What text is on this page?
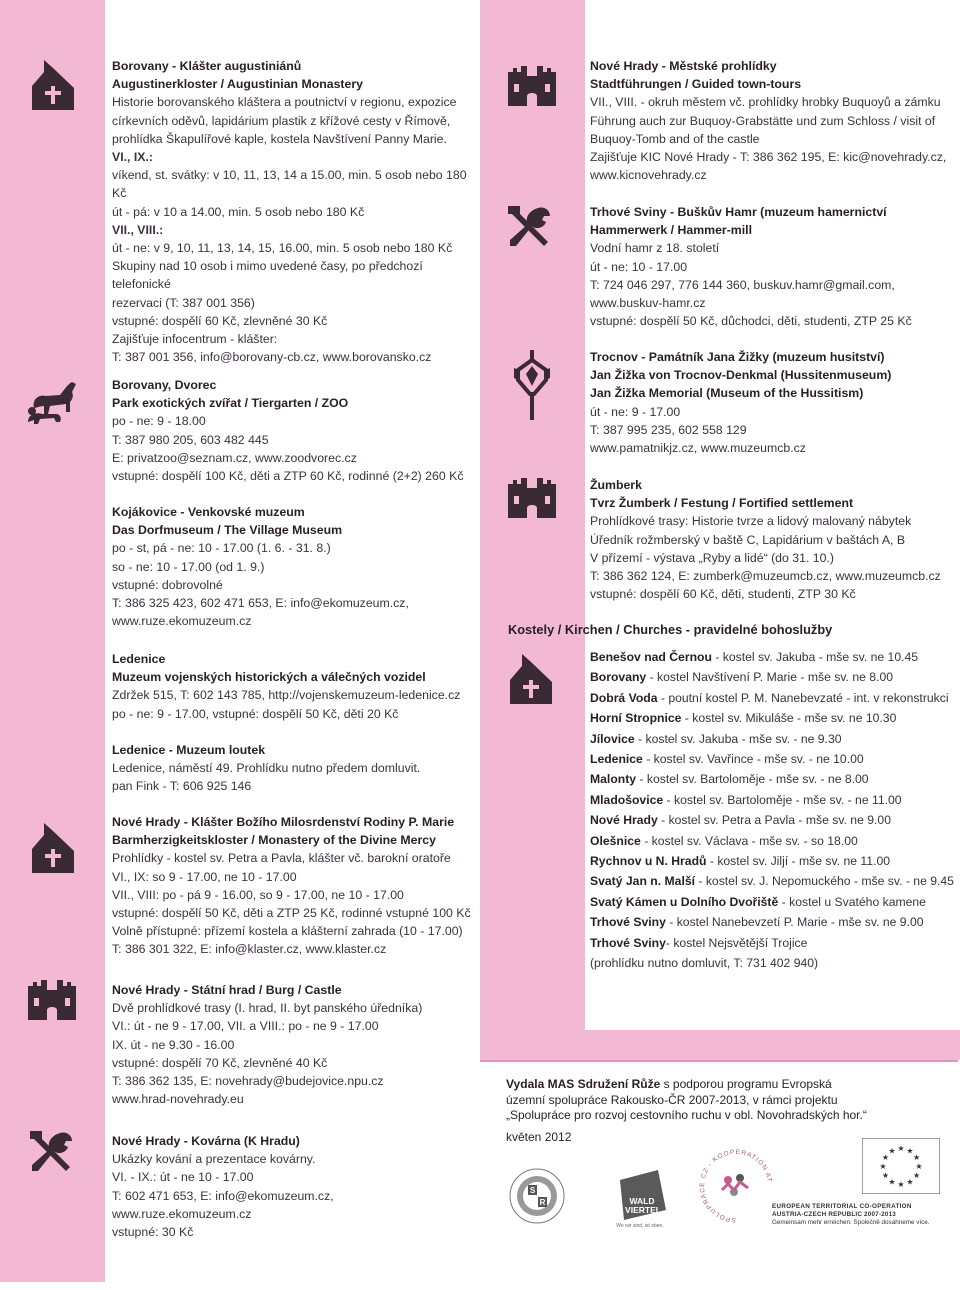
Borovany - Klášter augustiniánů
Augustinerkloster / Augustinian Monastery
Historie borovanského kláštera a poutnictví v regionu, expozice
církevních oděvů, lapidárium plastik z křížové cesty v Římově,
prohlídka Škapulířové kaple, kostela Navštívení Panny Marie.
VI., IX.:
víkend, st. svátky: v 10, 11, 13, 14 a 15.00, min. 5 osob nebo 180 Kč
út - pá: v 10 a 14.00, min. 5 osob nebo 180 Kč
VII., VIII.:
út - ne: v 9, 10, 11, 13, 14, 15, 16.00, min. 5 osob nebo 180 Kč
Skupiny nad 10 osob i mimo uvedené časy, po předchozí telefonické
rezervaci (T: 387 001 356)
vstupné: dospělí 60 Kč, zlevněné 30 Kč
Zajišťuje infocentrum - klášter:
T: 387 001 356, info@borovany-cb.cz, www.borovansko.cz
Borovany, Dvorec
Park exotických zvířat / Tiergarten / ZOO
po - ne: 9 - 18.00
T: 387 980 205, 603 482 445
E: privatzoo@seznam.cz, www.zoodvorec.cz
vstupné: dospělí 100 Kč, děti a ZTP 60 Kč, rodinné (2+2) 260 Kč
Kojákovice - Venkovské muzeum
Das Dorfmuseum / The Village Museum
po - st, pá - ne: 10 - 17.00 (1. 6. - 31. 8.)
so - ne: 10 - 17.00 (od 1. 9.)
vstupné: dobrovolné
T: 386 325 423, 602 471 653, E: info@ekomuzeum.cz,
www.ruze.ekomuzeum.cz
Ledenice
Muzeum vojenských historických a válečných vozidel
Zdržek 515, T: 602 143 785, http://vojenskemuzeum-ledenice.cz
po - ne: 9 - 17.00, vstupné: dospělí 50 Kč, děti 20 Kč
Ledenice - Muzeum loutek
Ledenice, náměstí 49. Prohlídku nutno předem domluvit.
pan Fink - T: 606 925 146
Nové Hrady - Klášter Božího Milosrdenství Rodiny P. Marie
Barmherzigkeitskloster / Monastery of the Divine Mercy
Prohlídky - kostel sv. Petra a Pavla, klášter vč. barokní oratoře
VI., IX: so 9 - 17.00, ne 10 - 17.00
VII., VIII: po - pá 9 - 16.00, so 9 - 17.00, ne 10 - 17.00
vstupné: dospělí 50 Kč, děti a ZTP 25 Kč, rodinné vstupné 100 Kč
Volně přístupné: přízemí kostela a klášterní zahrada (10 - 17.00)
T: 386 301 322, E: info@klaster.cz, www.klaster.cz
Nové Hrady - Státní hrad / Burg / Castle
Dvě prohlídkové trasy (I. hrad, II. byt panského úředníka)
VI.: út - ne 9 - 17.00, VII. a VIII.: po - ne 9 - 17.00
IX. út - ne 9.30 - 16.00
vstupné: dospělí 70 Kč, zlevněné 40 Kč
T: 386 362 135, E: novehrady@budejovice.npu.cz
www.hrad-novehrady.eu
Nové Hrady - Kovárna (K Hradu)
Ukázky kování a prezentace kovárny.
VI. - IX.: út - ne 10 - 17.00
T: 602 471 653, E: info@ekomuzeum.cz, www.ruze.ekomuzeum.cz
vstupné: 30 Kč
Nové Hrady - Městské prohlídky
Stadtführungen / Guided town-tours
VII., VIII. - okruh městem vč. prohlídky hrobky Buquoyů a zámku
Führung auch zur Buquoy-Grabstätte und zum Schloss / visit of
Buquoy-Tomb and of the castle
Zajišťuje KIC Nové Hrady - T: 386 362 195, E: kic@novehrady.cz,
www.kicnovehrady.cz
Trhové Sviny - Buškův Hamr (muzeum hamernictví
Hammerwerk / Hammer-mill
Vodní hamr z 18. století
út - ne: 10 - 17.00
T: 724 046 297, 776 144 360, buskuv.hamr@gmail.com,
www.buskuv-hamr.cz
vstupné: dospělí 50 Kč, důchodci, děti, studenti, ZTP 25 Kč
Trocnov - Památník Jana Žižky (muzeum husitství)
Jan Žižka von Trocnov-Denkmal (Hussitenmuseum)
Jan Žižka Memorial (Museum of the Hussitism)
út - ne: 9 - 17.00
T: 387 995 235, 602 558 129
www.pamatnikjz.cz, www.muzeumcb.cz
Žumberk
Tvrz Žumberk / Festung / Fortified settlement
Prohlídkové trasy: Historie tvrze a lidový malovaný nábytek
Úředník rožmberský v baště C, Lapidárium v baštách A, B
V přízemí - výstava „Ryby a lidé“ (do 31. 10.)
T: 386 362 124, E: zumberk@muzeumcb.cz, www.muzeumcb.cz
vstupné: dospělí 60 Kč, děti, studenti, ZTP 30 Kč
Kostely / Kirchen / Churches - pravidelné bohoslužby
Benešov nad Černou - kostel sv. Jakuba - mše sv. ne 10.45
Borovany - kostel Navštívení P. Marie - mše sv. ne 8.00
Dobrá Voda - poutní kostel P. M. Nanebevzaté - int. v rekonstrukci
Horní Stropnice - kostel sv. Mikuláše - mše sv. ne 10.30
Jílovice - kostel sv. Jakuba - mše sv. - ne 9.30
Ledenice - kostel sv. Vavřince - mše sv. - ne 10.00
Malonty - kostel sv. Bartoloměje - mše sv. - ne 8.00
Mladošovice - kostel sv. Bartoloměje - mše sv. - ne 11.00
Nové Hrady - kostel sv. Petra a Pavla - mše sv. ne 9.00
Olešnice - kostel sv. Václava - mše sv. - so 18.00
Rychnov u N. Hradů - kostel sv. Jiljí - mše sv. ne 11.00
Svatý Jan n. Malší - kostel sv. J. Nepomuckého - mše sv. - ne 9.45
Svatý Kámen u Dolního Dvořiště - kostel u Svatého kamene
Trhové Sviny - kostel Nanebevzetí P. Marie - mše sv. ne 9.00
Trhové Sviny- kostel Nejsvětější Trojice
(prohlídku nutno domluvit, T: 731 402 940)
Vydala MAS Sdružení Růže s podporou programu Evropská
územní spolupráce Rakousko-ČR 2007-2013, v rámci projektu
„Spolupráce pro rozvoj cestovního ruchu v obl. Novohradských hor.“
květen 2012
S
R	WALD
VIERTEL
Wo wir sind, ist oben.
SPOLUPRÁCE CZ - KOOPERATION AT
★
★
★
★
★
★
★
★
★ ★ ★
★
EUROPEAN TERRITORIAL CO-OPERATION
AUSTRIA-CZECH REPUBLIC 2007-2013
Gemeinsam mehr erreichen. Společně dosáhneme více.
